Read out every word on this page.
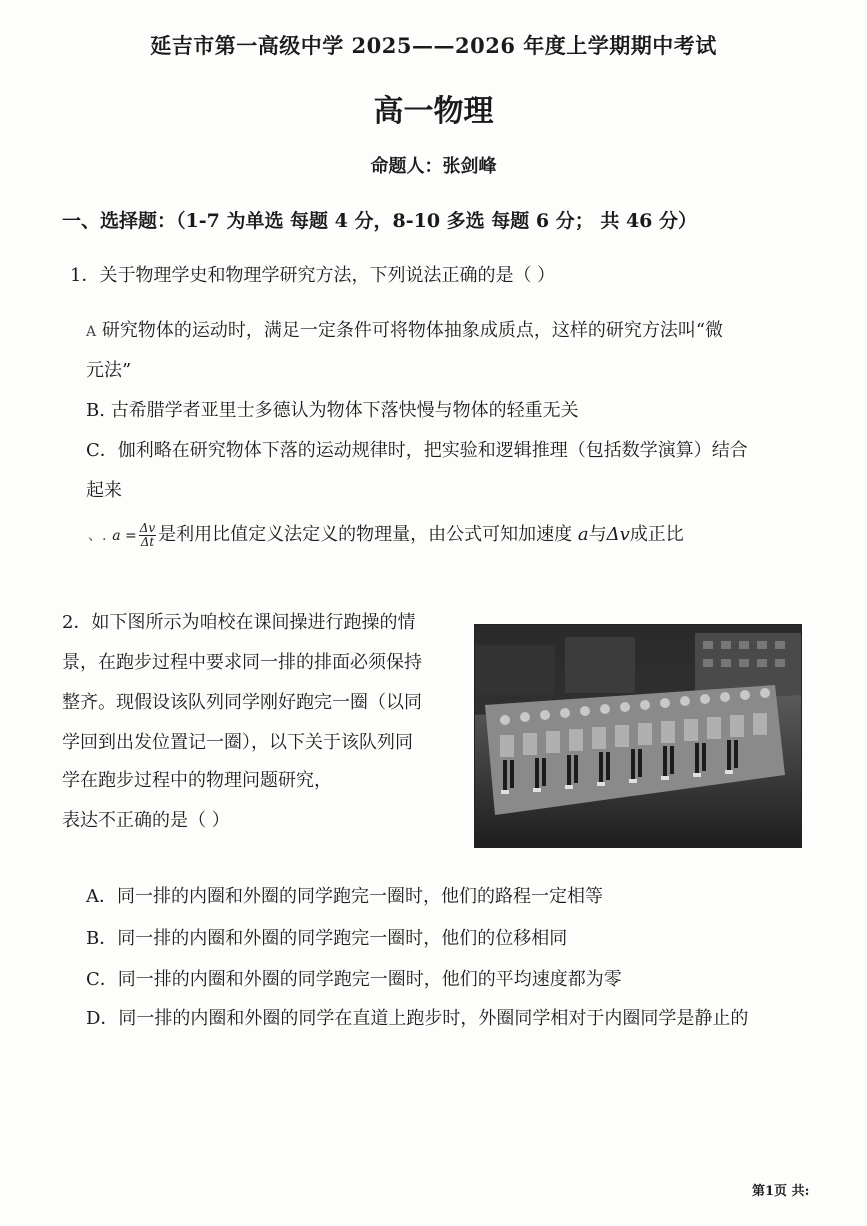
延吉市第一高级中学 2025——2026 年度上学期期中考试
高一物理
命题人：张剑峰
一、选择题：（1-7 为单选 每题 4 分，8-10 多选 每题 6 分； 共 46 分）
1．关于物理学史和物理学研究方法，下列说法正确的是（ ）
A 研究物体的运动时，满足一定条件可将物体抽象成质点，这样的研究方法叫“微
元法”
B. 古希腊学者亚里士多德认为物体下落快慢与物体的轻重无关
C．伽利略在研究物体下落的运动规律时，把实验和逻辑推理（包括数学演算）结合
起来
、. $a = \frac{\Delta v}{\Delta t}$ 是利用比值定义法定义的物理量，由公式可知加速度 a与Δv成正比
2．如下图所示为咱校在课间操进行跑操的情
景，在跑步过程中要求同一排的排面必须保持
整齐。现假设该队列同学刚好跑完一圈（以同
学回到出发位置记一圈），以下关于该队列同
学在跑步过程中的物理问题研究，
表达不正确的是（ ）
A．同一排的内圈和外圈的同学跑完一圈时，他们的路程一定相等
B．同一排的内圈和外圈的同学跑完一圈时，他们的位移相同
C．同一排的内圈和外圈的同学跑完一圈时，他们的平均速度都为零
D．同一排的内圈和外圈的同学在直道上跑步时，外圈同学相对于内圈同学是静止的
第1页 共:
